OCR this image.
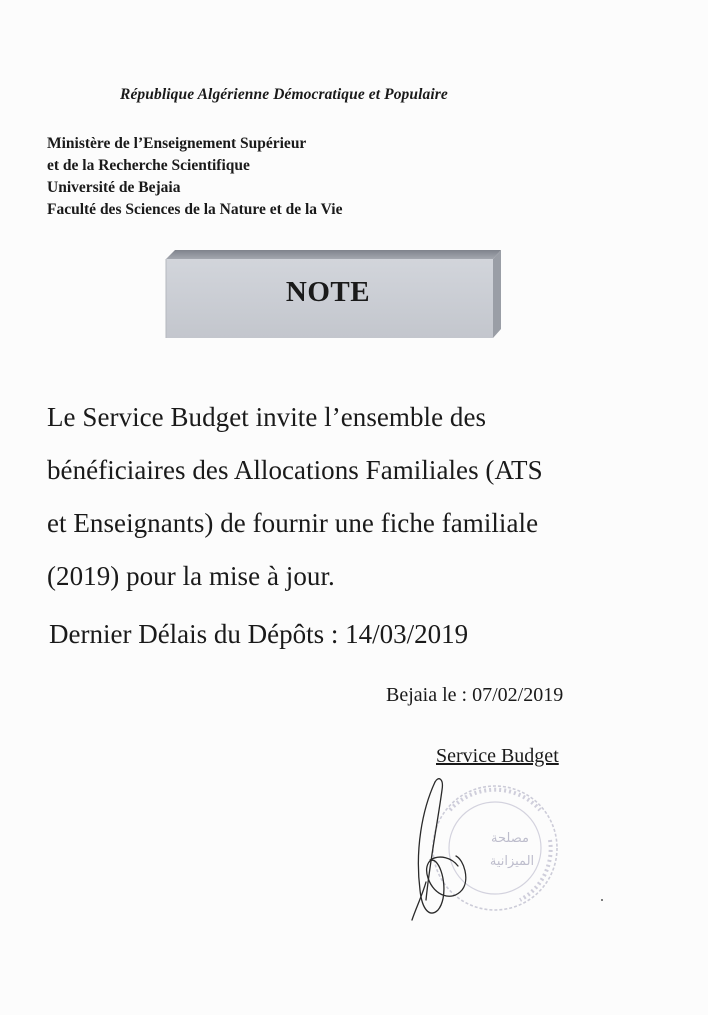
République Algérienne Démocratique et Populaire
Ministère de l’Enseignement Supérieur
et de la Recherche Scientifique
Université de Bejaia
Faculté des Sciences de la Nature et de la Vie
NOTE
Le Service Budget invite l’ensemble des
bénéficiaires des Allocations Familiales (ATS
et Enseignants) de fournir une fiche familiale
(2019) pour la mise à jour.
Dernier Délais du Dépôts : 14/03/2019
Bejaia le : 07/02/2019
Service Budget
مصلحة
الميزانية
